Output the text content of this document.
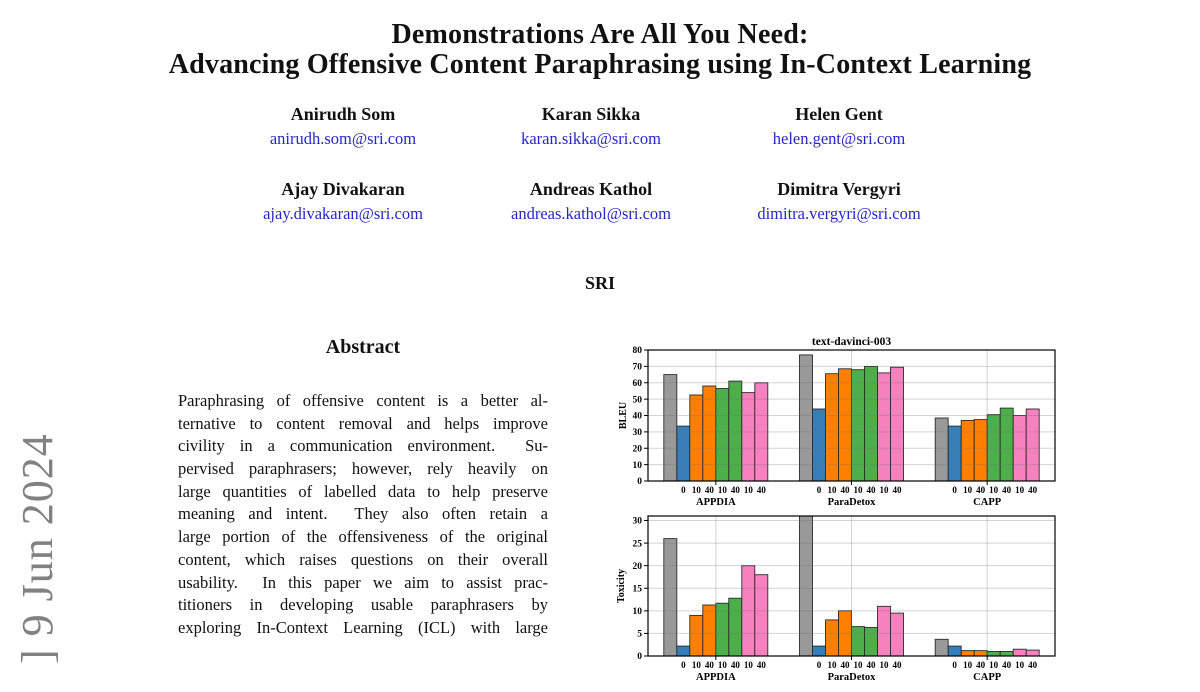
] 9 Jun 2024
Demonstrations Are All You Need:
Advancing Offensive Content Paraphrasing using In-Context Learning
Anirudh Som
anirudh.som@sri.com
Karan Sikka
karan.sikka@sri.com
Helen Gent
helen.gent@sri.com
Ajay Divakaran
ajay.divakaran@sri.com
Andreas Kathol
andreas.kathol@sri.com
Dimitra Vergyri
dimitra.vergyri@sri.com
SRI
Abstract
Paraphrasing of offensive content is a better al-
ternative to content removal and helps improve
civility in a communication environment.  Su-
pervised paraphrasers; however, rely heavily on
large quantities of labelled data to help preserve
meaning and intent.  They also often retain a
large portion of the offensiveness of the original
content, which raises questions on their overall
usability.  In this paper we aim to assist prac-
titioners in developing usable paraphrasers by
exploring In-Context Learning (ICL) with large
0
10
20
30
40
50
60
70
80
0 10 40 10 40 10 40
APPDIA
0 10 40 10 40 10 40
ParaDetox
0 10 40 10 40 10 40
CAPP
text-davinci-003
BLEU
0
5
10
15
20
25
30
0 10 40 10 40 10 40
APPDIA
0 10 40 10 40 10 40
ParaDetox
0 10 40 10 40 10 40
CAPP
Toxicity
